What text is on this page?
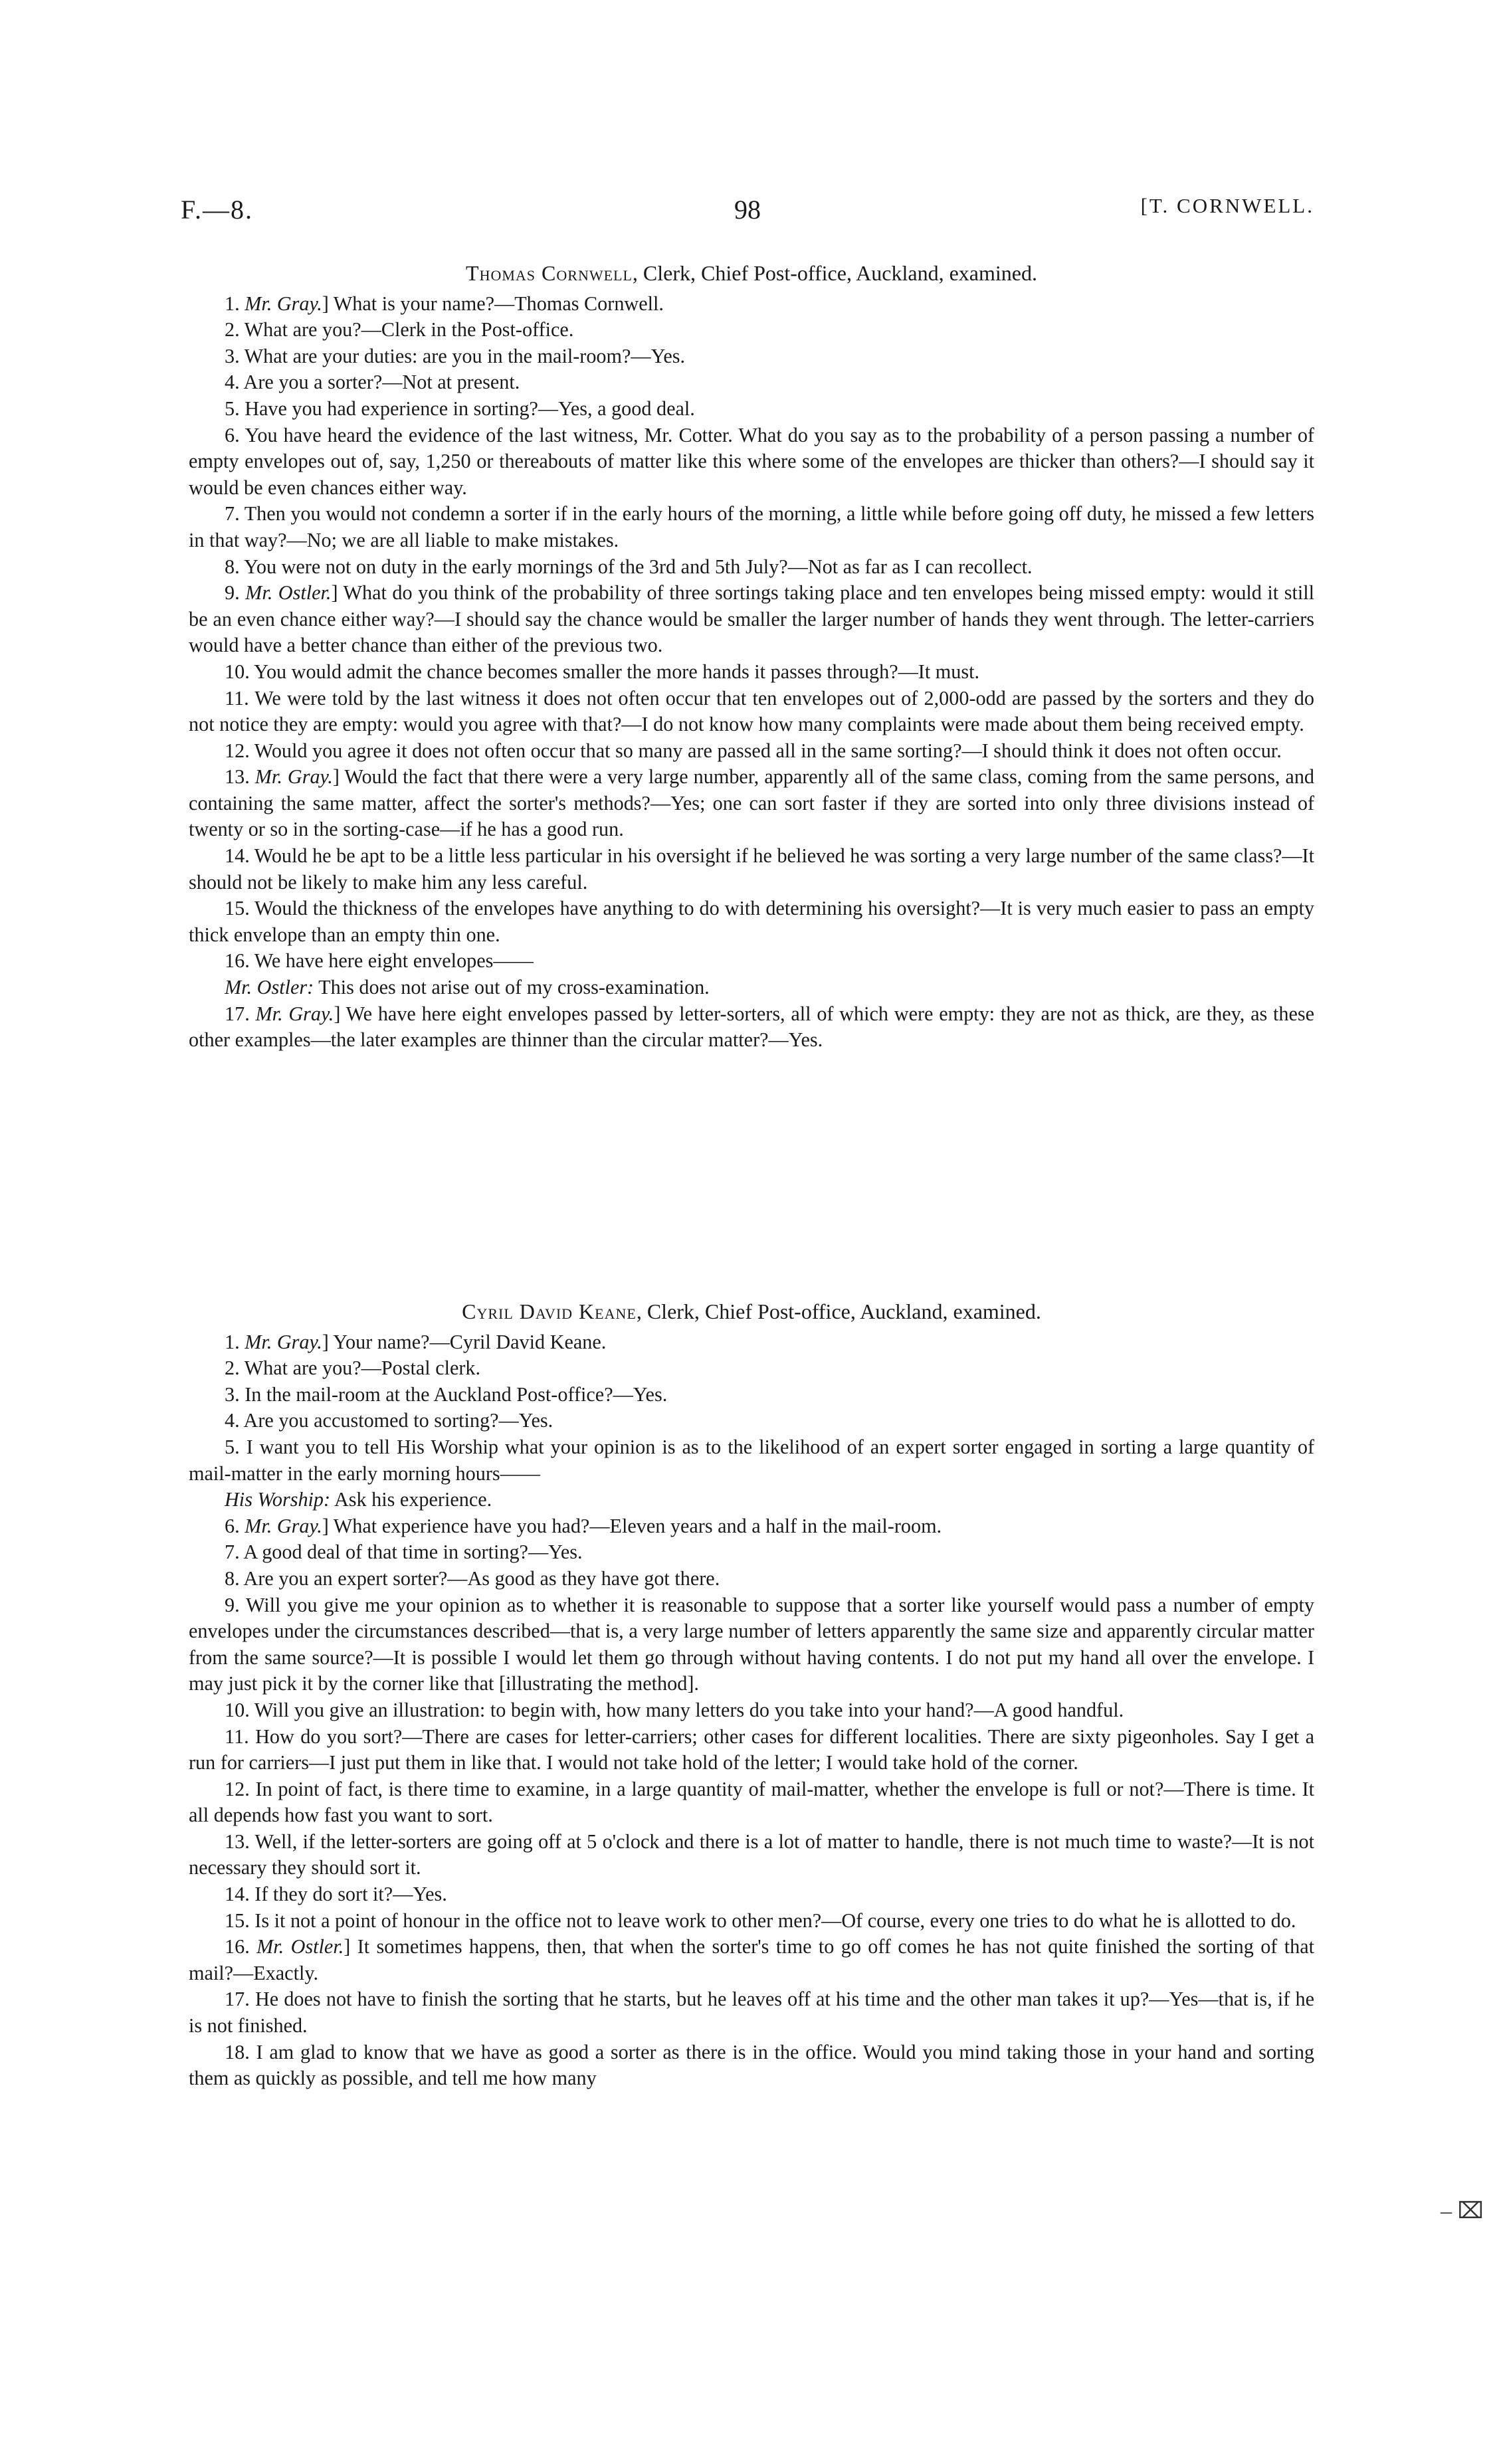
F.—8.	98	[T. CORNWELL.
Thomas Cornwell, Clerk, Chief Post-office, Auckland, examined.

1. Mr. Gray.] What is your name?—Thomas Cornwell.

2. What are you?—Clerk in the Post-office.

3. What are your duties: are you in the mail-room?—Yes.

4. Are you a sorter?—Not at present.

5. Have you had experience in sorting?—Yes, a good deal.

6. You have heard the evidence of the last witness, Mr. Cotter. What do you say as to the probability of a person passing a number of empty envelopes out of, say, 1,250 or thereabouts of matter like this where some of the envelopes are thicker than others?—I should say it would be even chances either way.

7. Then you would not condemn a sorter if in the early hours of the morning, a little while before going off duty, he missed a few letters in that way?—No; we are all liable to make mistakes.

8. You were not on duty in the early mornings of the 3rd and 5th July?—Not as far as I can recollect.

9. Mr. Ostler.] What do you think of the probability of three sortings taking place and ten envelopes being missed empty: would it still be an even chance either way?—I should say the chance would be smaller the larger number of hands they went through. The letter-carriers would have a better chance than either of the previous two.

10. You would admit the chance becomes smaller the more hands it passes through?—It must.

11. We were told by the last witness it does not often occur that ten envelopes out of 2,000-odd are passed by the sorters and they do not notice they are empty: would you agree with that?—I do not know how many complaints were made about them being received empty.

12. Would you agree it does not often occur that so many are passed all in the same sorting?—I should think it does not often occur.

13. Mr. Gray.] Would the fact that there were a very large number, apparently all of the same class, coming from the same persons, and containing the same matter, affect the sorter's methods?—Yes; one can sort faster if they are sorted into only three divisions instead of twenty or so in the sorting-case—if he has a good run.

14. Would he be apt to be a little less particular in his oversight if he believed he was sorting a very large number of the same class?—It should not be likely to make him any less careful.

15. Would the thickness of the envelopes have anything to do with determining his oversight?—It is very much easier to pass an empty thick envelope than an empty thin one.

16. We have here eight envelopes——

Mr. Ostler: This does not arise out of my cross-examination.

17. Mr. Gray.] We have here eight envelopes passed by letter-sorters, all of which were empty: they are not as thick, are they, as these other examples—the later examples are thinner than the circular matter?—Yes.

Cyril David Keane, Clerk, Chief Post-office, Auckland, examined.

1. Mr. Gray.] Your name?—Cyril David Keane.

2. What are you?—Postal clerk.

3. In the mail-room at the Auckland Post-office?—Yes.

4. Are you accustomed to sorting?—Yes.

5. I want you to tell His Worship what your opinion is as to the likelihood of an expert sorter engaged in sorting a large quantity of mail-matter in the early morning hours——

His Worship: Ask his experience.

6. Mr. Gray.] What experience have you had?—Eleven years and a half in the mail-room.

7. A good deal of that time in sorting?—Yes.

8. Are you an expert sorter?—As good as they have got there.

9. Will you give me your opinion as to whether it is reasonable to suppose that a sorter like yourself would pass a number of empty envelopes under the circumstances described—that is, a very large number of letters apparently the same size and apparently circular matter from the same source?—It is possible I would let them go through without having contents. I do not put my hand all over the envelope. I may just pick it by the corner like that [illustrating the method].

10. Will you give an illustration: to begin with, how many letters do you take into your hand?—A good handful.

11. How do you sort?—There are cases for letter-carriers; other cases for different localities. There are sixty pigeonholes. Say I get a run for carriers—I just put them in like that. I would not take hold of the letter; I would take hold of the corner.

12. In point of fact, is there time to examine, in a large quantity of mail-matter, whether the envelope is full or not?—There is time. It all depends how fast you want to sort.

13. Well, if the letter-sorters are going off at 5 o'clock and there is a lot of matter to handle, there is not much time to waste?—It is not necessary they should sort it.

14. If they do sort it?—Yes.

15. Is it not a point of honour in the office not to leave work to other men?—Of course, every one tries to do what he is allotted to do.

16. Mr. Ostler.] It sometimes happens, then, that when the sorter's time to go off comes he has not quite finished the sorting of that mail?—Exactly.

17. He does not have to finish the sorting that he starts, but he leaves off at his time and the other man takes it up?—Yes—that is, if he is not finished.

18. I am glad to know that we have as good a sorter as there is in the office. Would you mind taking those in your hand and sorting them as quickly as possible, and tell me how many

– ⌧
